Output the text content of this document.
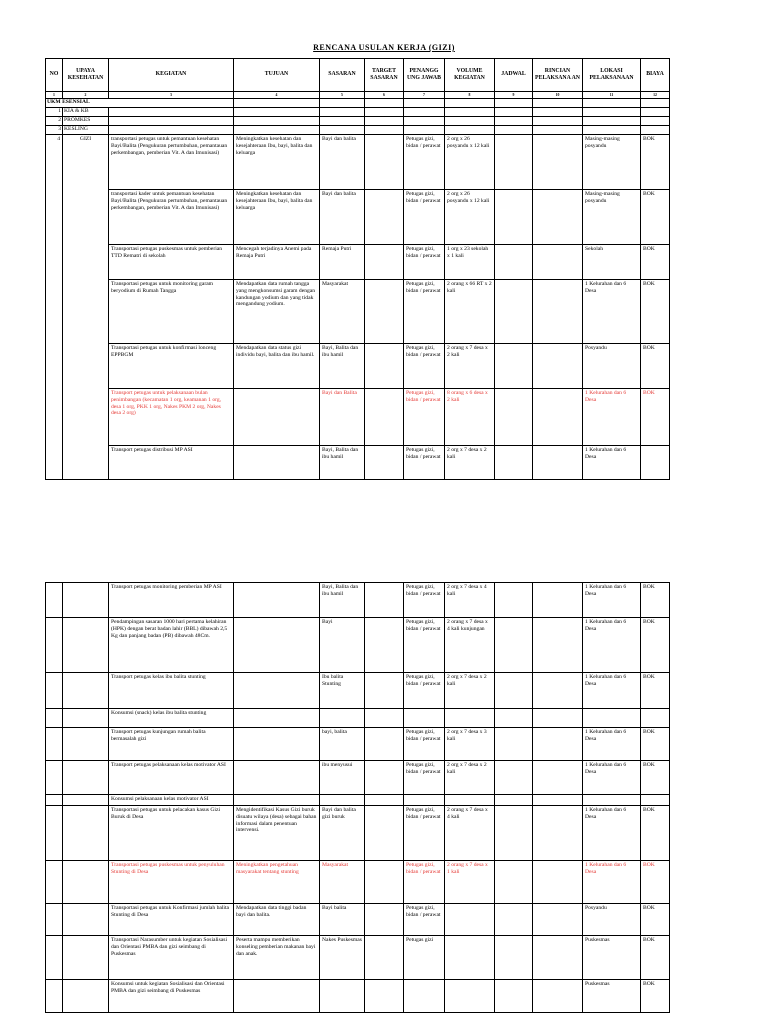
RENCANA USULAN KERJA (GIZI)
NO	UPAYA KESEHATAN	KEGIATAN	TUJUAN	SASARAN	TARGET SASARAN	PENANGG UNG JAWAB	VOLUME KEGIATAN	JADWAL	RINCIAN PELAKSANA AN	LOKASI PELAKSANAAN	BIAYA
1	2	3	4	5	6	7	8	9	10	11	12
UKM ESENSIAL											
1	KIA & KB										
2	PROMKES										
3	KESLING										
4	GIZI	transportasi petugas untuk pemantuan kesehatan Bayi/Balita (Pengukuran pertumbuhan, pemantauan perkembangan, pemberian Vit. A dan Imunisasi)	Meningkatkan kesehatan dan kesejahteraan Ibu, bayi, balita dan keluarga	Bayi dan balita		Petugas gizi, bidan / perawat	2 org x 26 posyandu x 12 kali			Masing-masing posyandu	BOK
		transportasi kader untuk pemantuan kesehatan Bayi/Balita (Pengukuran pertumbuhan, pemantauan perkembangan, pemberian Vit. A dan Imunisasi)	Meningkatkan kesehatan dan kesejahteraan Ibu, bayi, balita dan keluarga	Bayi dan balita		Petugas gizi, bidan / perawat	2 org x 26 posyandu x 12 kali			Masing-masing posyandu	BOK
		Transportasi petugas puskesmas untuk pemberian TTD Rematri di sekolah	Mencegah terjadinya Anemi pada Remaja Putri	Remaja Putri		Petugas gizi, bidan / perawat	1 org x 23 sekolah x 1 kali			Sekolah	BOK
		Transportasi petugas untuk monitoring garam beryodium di Rumah Tangga	Mendapatkan data rumah tangga yang mengkonsumsi garam dengan kandungan yodium dan yang tidak mengandung yodium.	Masyarakat		Petugas gizi, bidan / perawat	2 orang x 66 RT x 2 kali			1 Kelurahan dan 6 Desa	BOK
		Transportasi petugas untuk konfirmasi lonceng EPPBGM	Mendapatkan data status gizi individu bayi, balita dan ibu hamil.	Bayi, Balita dan ibu hamil		Petugas gizi, bidan / perawat	2 orang x 7 desa x 2 kali			Posyandu	BOK
		Transport petugas untuk pelaksanaan bulan penimbangan (kecamatan 1 org, keamanan 1 org, desa 1 org, PKK 1 org, Nakes PKM 2 org, Nakes desa 2 org)		Bayi dan Balita		Petugas gizi, bidan / perawat	8 orang x 6 desa x 2 kali			1 Kelurahan dan 6 Desa	BOK
		Transport petugas distribusi MP ASI		Bayi, Balita dan ibu hamil		Petugas gizi, bidan / perawat	2 org x 7 desa x 2 kali			1 Kelurahan dan 6 Desa	
		Transport petugas monitoring pemberian MP ASI		Bayi, Balita dan ibu hamil		Petugas gizi, bidan / perawat	2 org x 7 desa x 4 kali			1 Kelurahan dan 6 Desa	BOK
		Pendampingan sasaran 1000 hari pertama kelahiran (HPK) dengan berat badan lahir (BBL) dibawah 2,5 Kg dan panjang badan (PB) dibawah 48Cm.		Bayi		Petugas gizi, bidan / perawat	2 orang x 7 desa x 4 kali kunjungan			1 Kelurahan dan 6 Desa	BOK
		Transport petugas kelas ibu balita stunting		Ibu balita Stunting		Petugas gizi, bidan / perawat	2 org x 7 desa x 2 kali			1 Kelurahan dan 6 Desa	BOK
		Konsumsi (snack) kelas ibu balita stunting									
		Transport petugas kunjungan rumah balita bermasalah gizi		bayi, balita		Petugas gizi, bidan / perawat	2 org x 7 desa x 3 kali			1 Kelurahan dan 6 Desa	BOK
		Transport petugas pelaksanaan kelas motivator ASI		ibu menyusui		Petugas gizi, bidan / perawat	2 org x 7 desa x 2 kali			1 Kelurahan dan 6 Desa	BOK
		Konsumsi pelaksanaan kelas motivator ASI									
		Transportasi petugas untuk pelacakan kasus Gizi Buruk di Desa	Mengidentifikasi Kasus Gizi buruk disuatu wilaya (desa) sebagai bahan informasi dalam penentuan intervensi.	Bayi dan balita gizi buruk		Petugas gizi, bidan / perawat	2 orang x 7 desa x 4 kali			1 Kelurahan dan 6 Desa	BOK
		Transportasi petugas puskesmas untuk penyuluhan Stunting di Desa	Meningkatkan pengetahuan masyarakat tentang stunting	Masyarakat		Petugas gizi, bidan / perawat	2 orang x 7 desa x 1 kali			1 Kelurahan dan 6 Desa	BOK
		Transportasi petugas untuk Konfirmasi jumlah balita Stunting di Desa	Mendapatkan data tinggi badan bayi dan balita.	Bayi balita		Petugas gizi, bidan / perawat				Posyandu	BOK
		Transportasi Narasumber untuk kegiatan Sosialisasi dan Orientasi PMBA dan gizi seimbang di Puskesmas	Peserta mampu memberikan konseling pemberian makanan bayi dan anak.	Nakes Puskesmas		Petugas gizi				Puskesmas	BOK
		Konsumsi untuk kegiatan Sosialisasi dan Orientasi PMBA dan gizi seimbang di Puskesmas								Puskesmas	BOK
